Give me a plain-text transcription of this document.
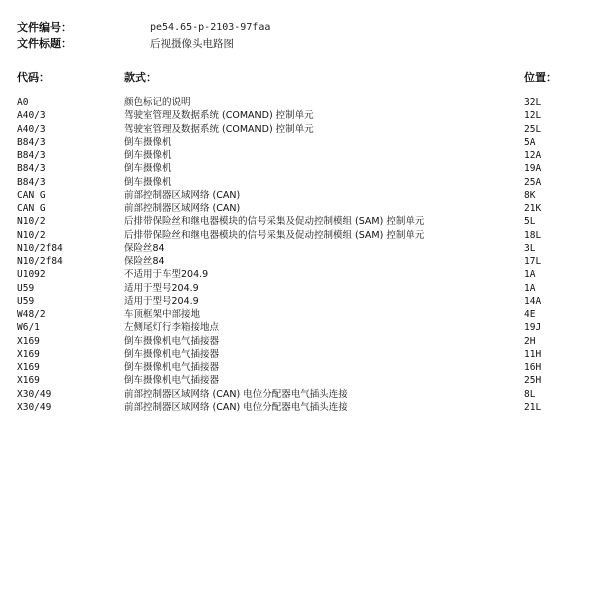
文件编号：	pe54.65-p-2103-97faa
文件标题：	后视摄像头电路图
代码：	款式：	位置：
A0	颜色标记的说明	32L
A40/3	驾驶室管理及数据系统 (COMAND) 控制单元	12L
A40/3	驾驶室管理及数据系统 (COMAND) 控制单元	25L
B84/3	倒车摄像机	5A
B84/3	倒车摄像机	12A
B84/3	倒车摄像机	19A
B84/3	倒车摄像机	25A
CAN G	前部控制器区域网络 (CAN)	8K
CAN G	前部控制器区域网络 (CAN)	21K
N10/2	后排带保险丝和继电器模块的信号采集及促动控制模组 (SAM) 控制单元	5L
N10/2	后排带保险丝和继电器模块的信号采集及促动控制模组 (SAM) 控制单元	18L
N10/2f84	保险丝84	3L
N10/2f84	保险丝84	17L
U1092	不适用于车型204.9	1A
U59	适用于型号204.9	1A
U59	适用于型号204.9	14A
W48/2	车顶框架中部接地	4E
W6/1	左侧尾灯行李箱接地点	19J
X169	倒车摄像机电气插接器	2H
X169	倒车摄像机电气插接器	11H
X169	倒车摄像机电气插接器	16H
X169	倒车摄像机电气插接器	25H
X30/49	前部控制器区域网络 (CAN) 电位分配器电气插头连接	8L
X30/49	前部控制器区域网络 (CAN) 电位分配器电气插头连接	21L
